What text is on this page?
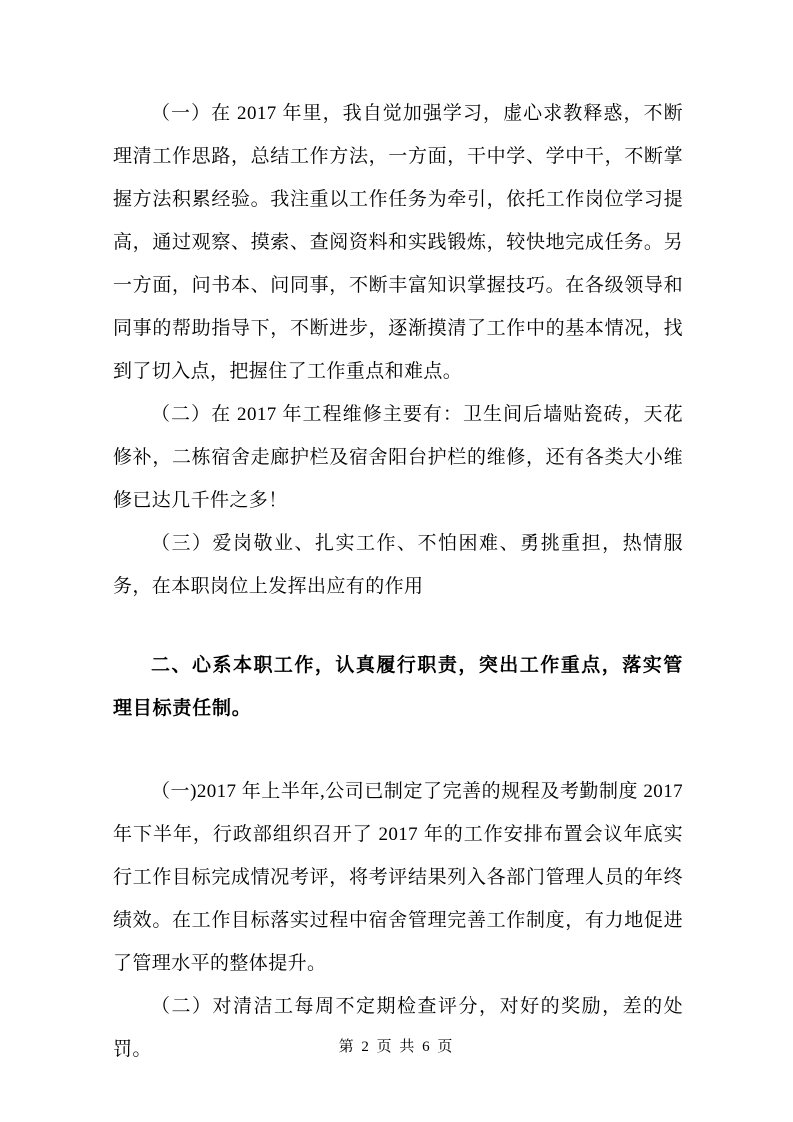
（一）在 2017 年里，我自觉加强学习，虚心求教释惑，不断理清工作思路，总结工作方法，一方面，干中学、学中干，不断掌握方法积累经验。我注重以工作任务为牵引，依托工作岗位学习提高，通过观察、摸索、查阅资料和实践锻炼，较快地完成任务。另一方面，问书本、问同事，不断丰富知识掌握技巧。在各级领导和同事的帮助指导下，不断进步，逐渐摸清了工作中的基本情况，找到了切入点，把握住了工作重点和难点。

（二）在 2017 年工程维修主要有：卫生间后墙贴瓷砖，天花修补，二栋宿舍走廊护栏及宿舍阳台护栏的维修，还有各类大小维修已达几千件之多！

（三）爱岗敬业、扎实工作、不怕困难、勇挑重担，热情服务，在本职岗位上发挥出应有的作用

二、心系本职工作，认真履行职责，突出工作重点，落实管理目标责任制。

（一)2017 年上半年,公司已制定了完善的规程及考勤制度 2017 年下半年，行政部组织召开了 2017 年的工作安排布置会议年底实行工作目标完成情况考评，将考评结果列入各部门管理人员的年终绩效。在工作目标落实过程中宿舍管理完善工作制度，有力地促进了管理水平的整体提升。

（二）对清洁工每周不定期检查评分，对好的奖励，差的处罚。	第 2 页 共 6 页
